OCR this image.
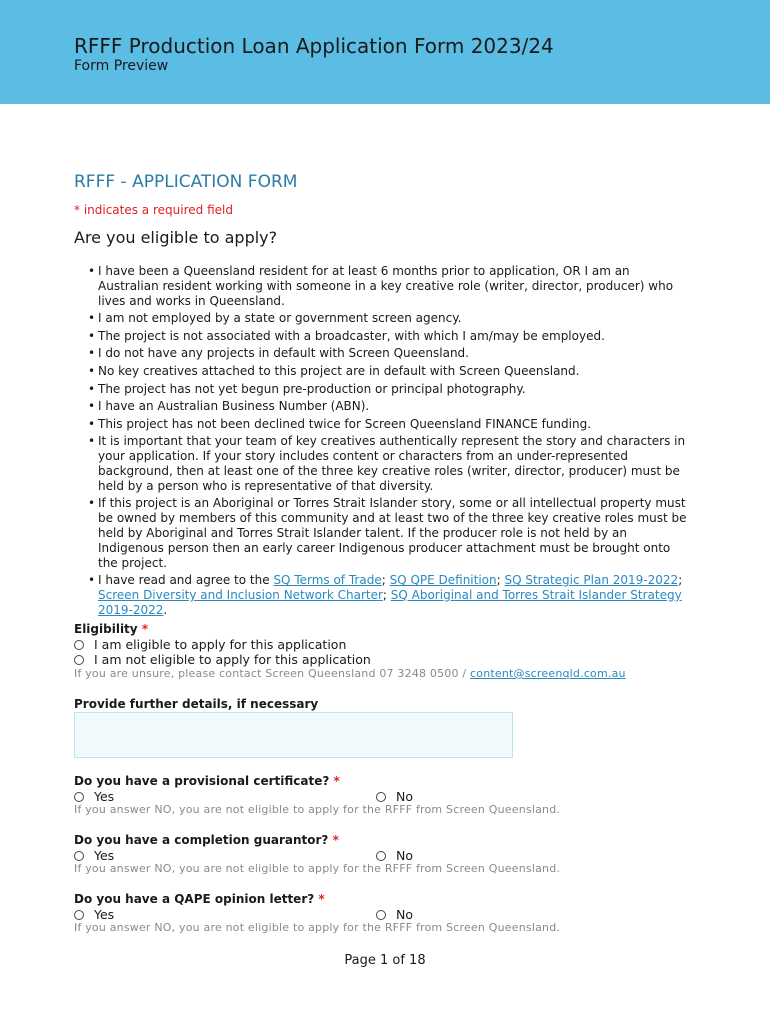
RFFF Production Loan Application Form 2023/24
Form Preview
RFFF - APPLICATION FORM
* indicates a required field
Are you eligible to apply?
• I have been a Queensland resident for at least 6 months prior to application, OR I am an Australian resident working with someone in a key creative role (writer, director, producer) who lives and works in Queensland.
• I am not employed by a state or government screen agency.
• The project is not associated with a broadcaster, with which I am/may be employed.
• I do not have any projects in default with Screen Queensland.
• No key creatives attached to this project are in default with Screen Queensland.
• The project has not yet begun pre-production or principal photography.
• I have an Australian Business Number (ABN).
• This project has not been declined twice for Screen Queensland FINANCE funding.
• It is important that your team of key creatives authentically represent the story and characters in your application. If your story includes content or characters from an under-represented background, then at least one of the three key creative roles (writer, director, producer) must be held by a person who is representative of that diversity.
• If this project is an Aboriginal or Torres Strait Islander story, some or all intellectual property must be owned by members of this community and at least two of the three key creative roles must be held by Aboriginal and Torres Strait Islander talent. If the producer role is not held by an Indigenous person then an early career Indigenous producer attachment must be brought onto the project.
• I have read and agree to the SQ Terms of Trade; SQ QPE Definition; SQ Strategic Plan 2019-2022; Screen Diversity and Inclusion Network Charter; SQ Aboriginal and Torres Strait Islander Strategy 2019-2022.
Eligibility *
I am eligible to apply for this application
I am not eligible to apply for this application
If you are unsure, please contact Screen Queensland 07 3248 0500 / content@screenqld.com.au
Provide further details, if necessary
Do you have a provisional certificate? *
Yes	No
If you answer NO, you are not eligible to apply for the RFFF from Screen Queensland.
Do you have a completion guarantor? *
Yes	No
If you answer NO, you are not eligible to apply for the RFFF from Screen Queensland.
Do you have a QAPE opinion letter? *
Yes	No
If you answer NO, you are not eligible to apply for the RFFF from Screen Queensland.
Page 1 of 18
